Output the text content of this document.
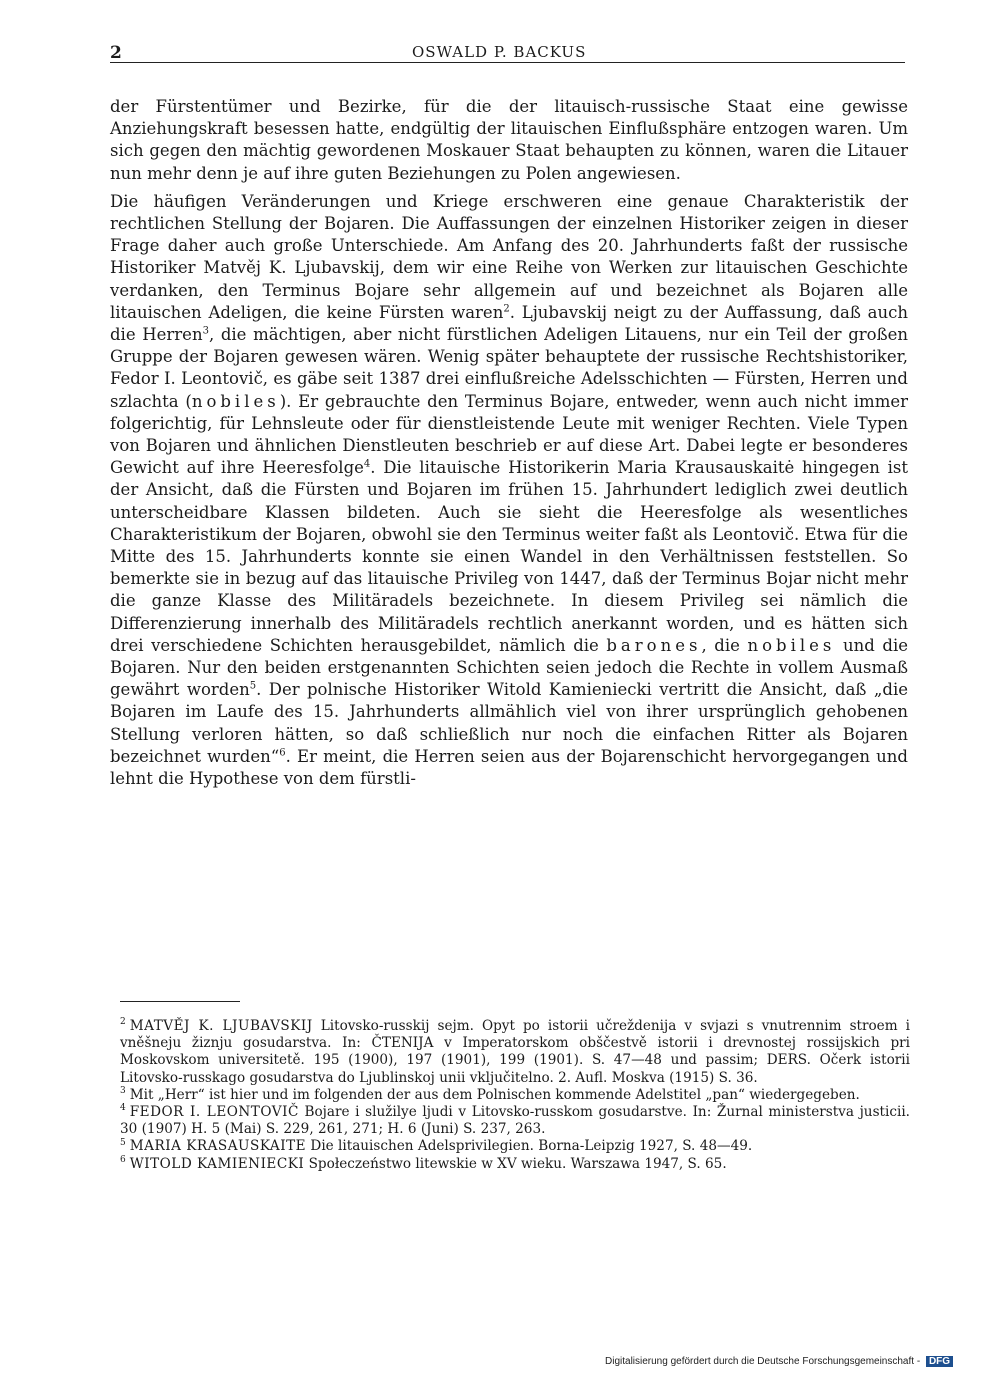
2	OSWALD P. BACKUS

der Fürstentümer und Bezirke, für die der litauisch-russische Staat eine gewisse Anziehungskraft besessen hatte, endgültig der litauischen Einflußsphäre entzogen waren. Um sich gegen den mächtig gewordenen Moskauer Staat behaupten zu können, waren die Litauer nun mehr denn je auf ihre guten Beziehungen zu Polen angewiesen.

Die häufigen Veränderungen und Kriege erschweren eine genaue Charakteristik der rechtlichen Stellung der Bojaren. Die Auffassungen der einzelnen Historiker zeigen in dieser Frage daher auch große Unterschiede. Am Anfang des 20. Jahrhunderts faßt der russische Historiker Matvěj K. Ljubavskij, dem wir eine Reihe von Werken zur litauischen Geschichte verdanken, den Terminus Bojare sehr allgemein auf und bezeichnet als Bojaren alle litauischen Adeligen, die keine Fürsten waren$^2$. Ljubavskij neigt zu der Auffassung, daß auch die Herren$^3$, die mächtigen, aber nicht fürstlichen Adeligen Litauens, nur ein Teil der großen Gruppe der Bojaren gewesen wären. Wenig später behauptete der russische Rechtshistoriker, Fedor I. Leontovič, es gäbe seit 1387 drei einflußreiche Adelsschichten — Fürsten, Herren und szlachta (nobiles). Er gebrauchte den Terminus Bojare, entweder, wenn auch nicht immer folgerichtig, für Lehnsleute oder für dienstleistende Leute mit weniger Rechten. Viele Typen von Bojaren und ähnlichen Dienstleuten beschrieb er auf diese Art. Dabei legte er besonderes Gewicht auf ihre Heeresfolge$^4$. Die litauische Historikerin Maria Krausauskaitė hingegen ist der Ansicht, daß die Fürsten und Bojaren im frühen 15. Jahrhundert lediglich zwei deutlich unterscheidbare Klassen bildeten. Auch sie sieht die Heeresfolge als wesentliches Charakteristikum der Bojaren, obwohl sie den Terminus weiter faßt als Leontovič. Etwa für die Mitte des 15. Jahrhunderts konnte sie einen Wandel in den Verhältnissen feststellen. So bemerkte sie in bezug auf das litauische Privileg von 1447, daß der Terminus Bojar nicht mehr die ganze Klasse des Militäradels bezeichnete. In diesem Privileg sei nämlich die Differenzierung innerhalb des Militäradels rechtlich anerkannt worden, und es hätten sich drei verschiedene Schichten herausgebildet, nämlich die barones, die nobiles und die Bojaren. Nur den beiden erstgenannten Schichten seien jedoch die Rechte in vollem Ausmaß gewährt worden$^5$. Der polnische Historiker Witold Kamieniecki vertritt die Ansicht, daß „die Bojaren im Laufe des 15. Jahrhunderts allmählich viel von ihrer ursprünglich gehobenen Stellung verloren hätten, so daß schließlich nur noch die einfachen Ritter als Bojaren bezeichnet wurden“$^6$. Er meint, die Herren seien aus der Bojarenschicht hervorgegangen und lehnt die Hypothese von dem fürstli-

$^2$ MATVĚJ K. LJUBAVSKIJ Litovsko-russkij sejm. Opyt po istorii učreždenija v svjazi s vnutrennim stroem i vněšneju žiznju gosudarstva. In: ČTENIJA v Imperatorskom obščestvě istorii i drevnostej rossijskich pri Moskovskom universitetě. 195 (1900), 197 (1901), 199 (1901). S. 47—48 und passim; DERS. Očerk istorii Litovsko-russkago gosudarstva do Ljublinskoj unii vključitelno. 2. Aufl. Moskva (1915) S. 36.

$^3$ Mit „Herr“ ist hier und im folgenden der aus dem Polnischen kommende Adelstitel „pan“ wiedergegeben.

$^4$ FEDOR I. LEONTOVIČ Bojare i služilye ljudi v Litovsko-russkom gosudarstve. In: Žurnal ministerstva justicii. 30 (1907) H. 5 (Mai) S. 229, 261, 271; H. 6 (Juni) S. 237, 263.

$^5$ MARIA KRASAUSKAITE Die litauischen Adelsprivilegien. Borna-Leipzig 1927, S. 48—49.

$^6$ WITOLD KAMIENIECKI Społeczeństwo litewskie w XV wieku. Warszawa 1947, S. 65.

Digitalisierung gefördert durch die Deutsche Forschungsgemeinschaft - DFG
